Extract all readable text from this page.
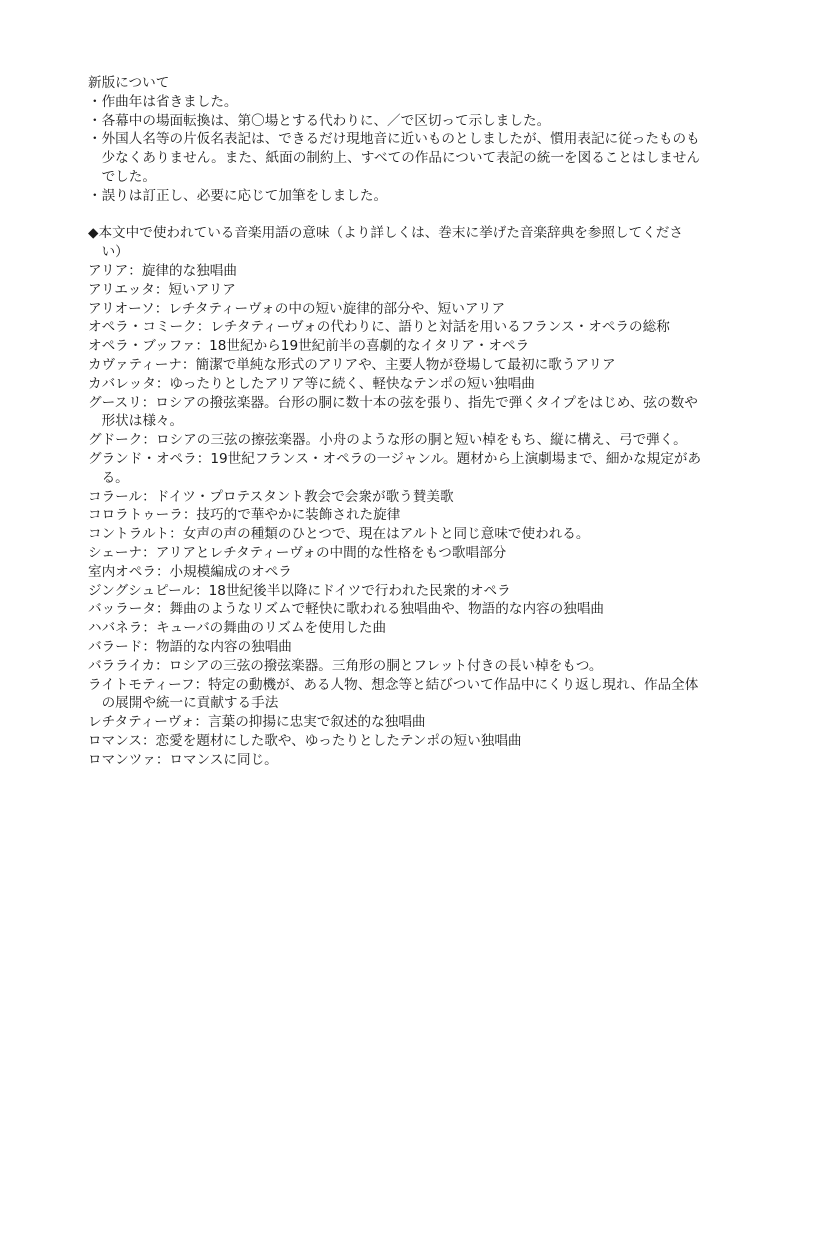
新版について
・作曲年は省きました。
・各幕中の場面転換は、第〇場とする代わりに、／で区切って示しました。
・外国人名等の片仮名表記は、できるだけ現地音に近いものとしましたが、慣用表記に従ったものも少なくありません。また、紙面の制約上、すべての作品について表記の統一を図ることはしませんでした。
・誤りは訂正し、必要に応じて加筆をしました。
◆本文中で使われている音楽用語の意味（より詳しくは、巻末に挙げた音楽辞典を参照してください）
アリア：旋律的な独唱曲
アリエッタ：短いアリア
アリオーソ：レチタティーヴォの中の短い旋律的部分や、短いアリア
オペラ・コミーク：レチタティーヴォの代わりに、語りと対話を用いるフランス・オペラの総称
オペラ・ブッファ：18世紀から19世紀前半の喜劇的なイタリア・オペラ
カヴァティーナ：簡潔で単純な形式のアリアや、主要人物が登場して最初に歌うアリア
カバレッタ：ゆったりとしたアリア等に続く、軽快なテンポの短い独唱曲
グースリ：ロシアの撥弦楽器。台形の胴に数十本の弦を張り、指先で弾くタイプをはじめ、弦の数や形状は様々。
グドーク：ロシアの三弦の擦弦楽器。小舟のような形の胴と短い棹をもち、縦に構え、弓で弾く。
グランド・オペラ：19世紀フランス・オペラの一ジャンル。題材から上演劇場まで、細かな規定がある。
コラール：ドイツ・プロテスタント教会で会衆が歌う賛美歌
コロラトゥーラ：技巧的で華やかに装飾された旋律
コントラルト：女声の声の種類のひとつで、現在はアルトと同じ意味で使われる。
シェーナ：アリアとレチタティーヴォの中間的な性格をもつ歌唱部分
室内オペラ：小規模編成のオペラ
ジングシュピール：18世紀後半以降にドイツで行われた民衆的オペラ
バッラータ：舞曲のようなリズムで軽快に歌われる独唱曲や、物語的な内容の独唱曲
ハバネラ：キューバの舞曲のリズムを使用した曲
バラード：物語的な内容の独唱曲
バラライカ：ロシアの三弦の撥弦楽器。三角形の胴とフレット付きの長い棹をもつ。
ライトモティーフ：特定の動機が、ある人物、想念等と結びついて作品中にくり返し現れ、作品全体の展開や統一に貢献する手法
レチタティーヴォ：言葉の抑揚に忠実で叙述的な独唱曲
ロマンス：恋愛を題材にした歌や、ゆったりとしたテンポの短い独唱曲
ロマンツァ：ロマンスに同じ。
